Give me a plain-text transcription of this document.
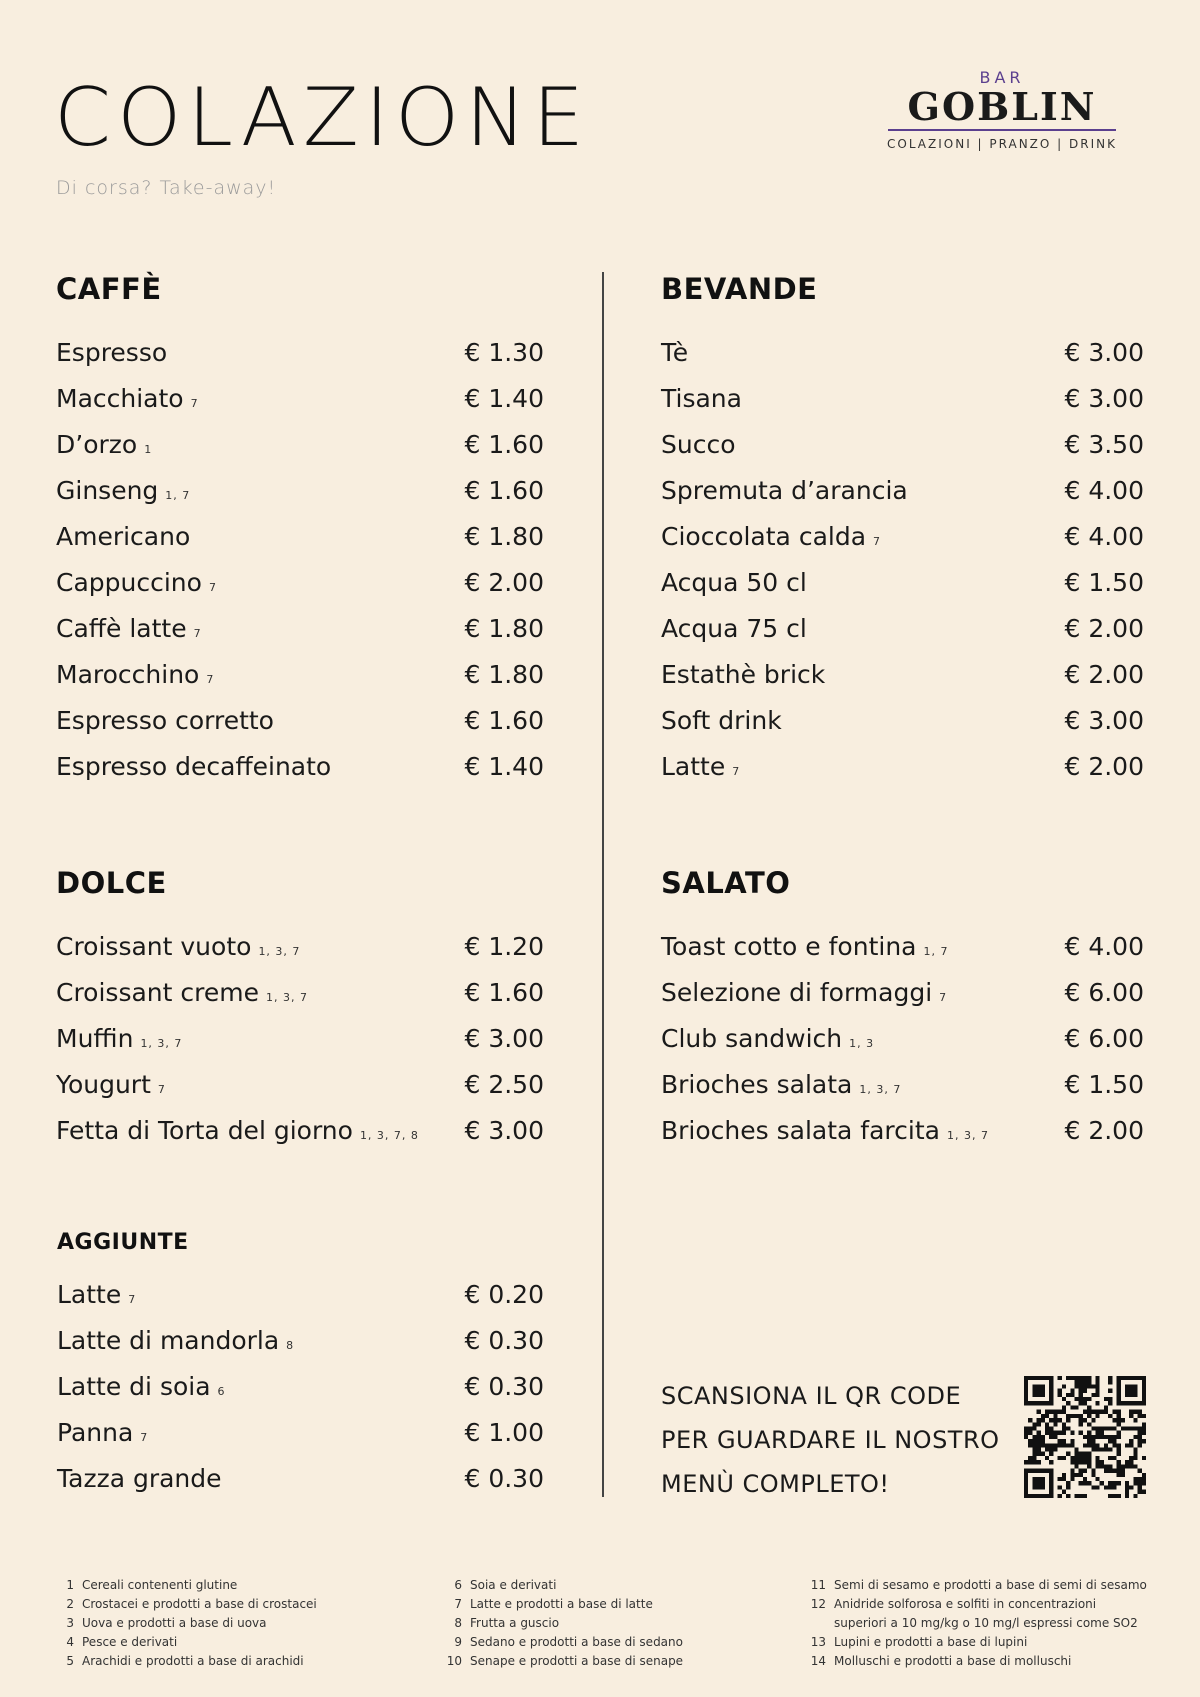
COLAZIONE
Di corsa? Take-away!
BAR
GOBLIN
COLAZIONI | PRANZO | DRINK
CAFFÈ
Espresso	€ 1.30
Macchiato 7	€ 1.40
D’orzo 1	€ 1.60
Ginseng 1, 7	€ 1.60
Americano	€ 1.80
Cappuccino 7	€ 2.00
Caffè latte 7	€ 1.80
Marocchino 7	€ 1.80
Espresso corretto	€ 1.60
Espresso decaffeinato	€ 1.40
BEVANDE
Tè	€ 3.00
Tisana	€ 3.00
Succo	€ 3.50
Spremuta d’arancia	€ 4.00
Cioccolata calda 7	€ 4.00
Acqua 50 cl	€ 1.50
Acqua 75 cl	€ 2.00
Estathè brick	€ 2.00
Soft drink	€ 3.00
Latte 7	€ 2.00
DOLCE
Croissant vuoto 1, 3, 7	€ 1.20
Croissant creme 1, 3, 7	€ 1.60
Muffin 1, 3, 7	€ 3.00
Yougurt 7	€ 2.50
Fetta di Torta del giorno 1, 3, 7, 8 € 3.00
SALATO
Toast cotto e fontina 1, 7	€ 4.00
Selezione di formaggi 7	€ 6.00
Club sandwich 1, 3	€ 6.00
Brioches salata 1, 3, 7	€ 1.50
Brioches salata farcita 1, 3, 7	€ 2.00
AGGIUNTE
Latte 7	€ 0.20
Latte di mandorla 8	€ 0.30
Latte di soia 6	€ 0.30
Panna 7	€ 1.00
Tazza grande	€ 0.30
SCANSIONA IL QR CODE
PER GUARDARE IL NOSTRO
MENÙ COMPLETO!
1 Cereali contenenti glutine
2 Crostacei e prodotti a base di crostacei
3 Uova e prodotti a base di uova
4 Pesce e derivati
5 Arachidi e prodotti a base di arachidi
6 Soia e derivati
7 Latte e prodotti a base di latte
8 Frutta a guscio
9 Sedano e prodotti a base di sedano
10 Senape e prodotti a base di senape
11 Semi di sesamo e prodotti a base di semi di sesamo
12 Anidride solforosa e solfiti in concentrazioni
superiori a 10 mg/kg o 10 mg/l espressi come SO2
13 Lupini e prodotti a base di lupini
14 Molluschi e prodotti a base di molluschi
